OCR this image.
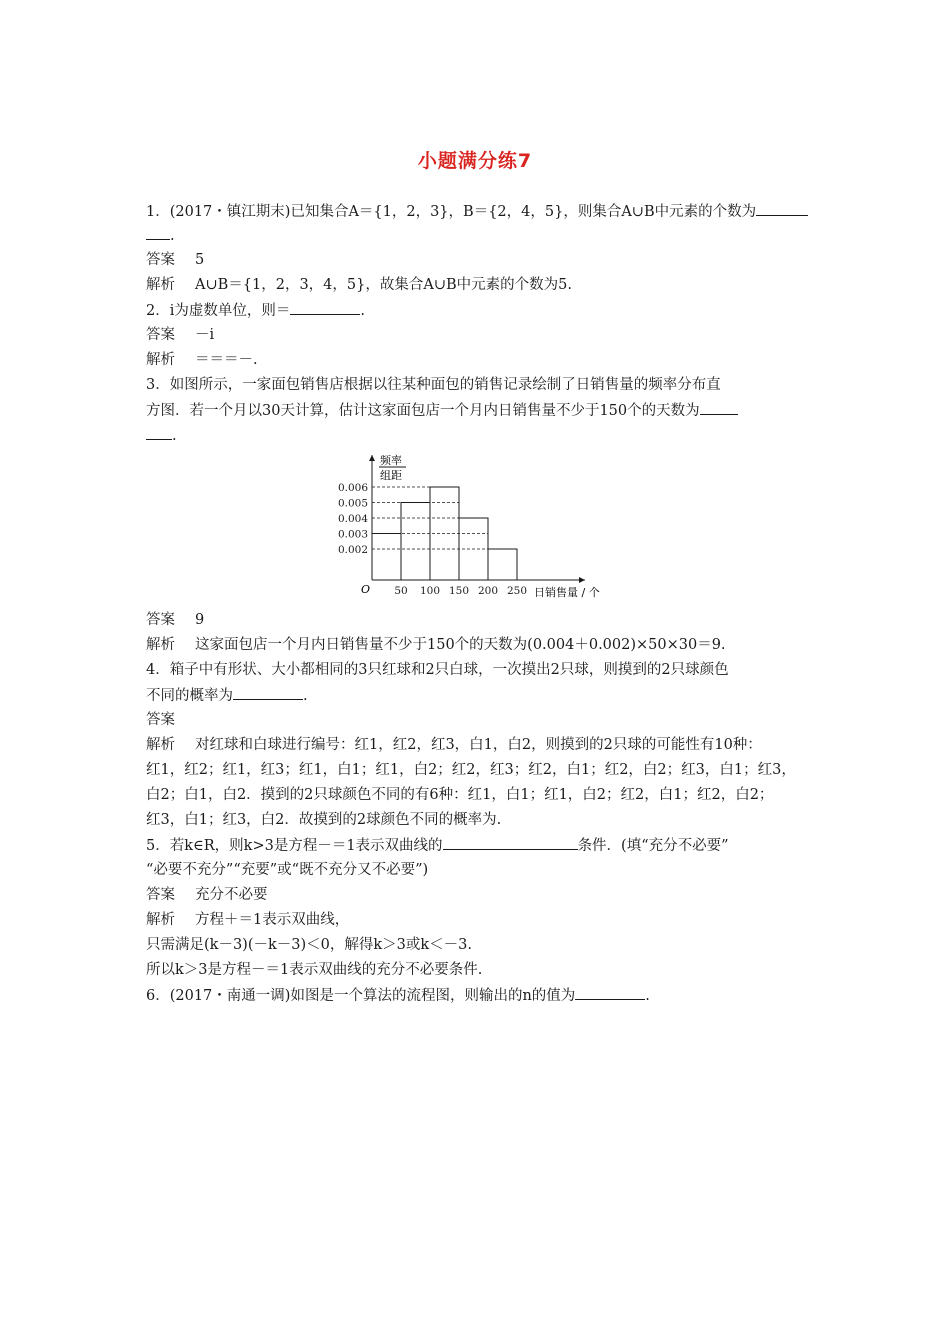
小题满分练7
1．(2017・镇江期末)已知集合A＝{1，2，3}，B＝{2，4，5}，则集合A∪B中元素的个数为
.
答案 5
解析 A∪B＝{1，2，3，4，5}，故集合A∪B中元素的个数为5.
2．i为虚数单位，则＝	.
答案 －i
解析 ＝＝＝－.
3．如图所示，一家面包销售店根据以往某种面包的销售记录绘制了日销售量的频率分布直
方图．若一个月以30天计算，估计这家面包店一个月内日销售量不少于150个的天数为
.
频率
组距
0.002
0.003
0.004
0.005
0.006
50 100 150 200 250
O	日销售量 / 个
答案 9
解析 这家面包店一个月内日销售量不少于150个的天数为(0.004＋0.002)×50×30＝9.
4．箱子中有形状、大小都相同的3只红球和2只白球，一次摸出2只球，则摸到的2只球颜色
不同的概率为	.
答案
解析 对红球和白球进行编号：红1，红2，红3，白1，白2，则摸到的2只球的可能性有10种：
红1，红2；红1，红3；红1，白1；红1，白2；红2，红3；红2，白1；红2，白2；红3，白1；红3，
白2；白1，白2．摸到的2只球颜色不同的有6种：红1，白1；红1，白2；红2，白1；红2，白2；
红3，白1；红3，白2．故摸到的2球颜色不同的概率为.
5．若k∈R，则k>3是方程－＝1表示双曲线的	条件．(填“充分不必要”
“必要不充分”“充要”或“既不充分又不必要”)
答案 充分不必要
解析 方程＋＝1表示双曲线，
只需满足(k－3)(－k－3)＜0，解得k＞3或k＜－3.
所以k＞3是方程－＝1表示双曲线的充分不必要条件.
6．(2017・南通一调)如图是一个算法的流程图，则输出的n的值为	.
